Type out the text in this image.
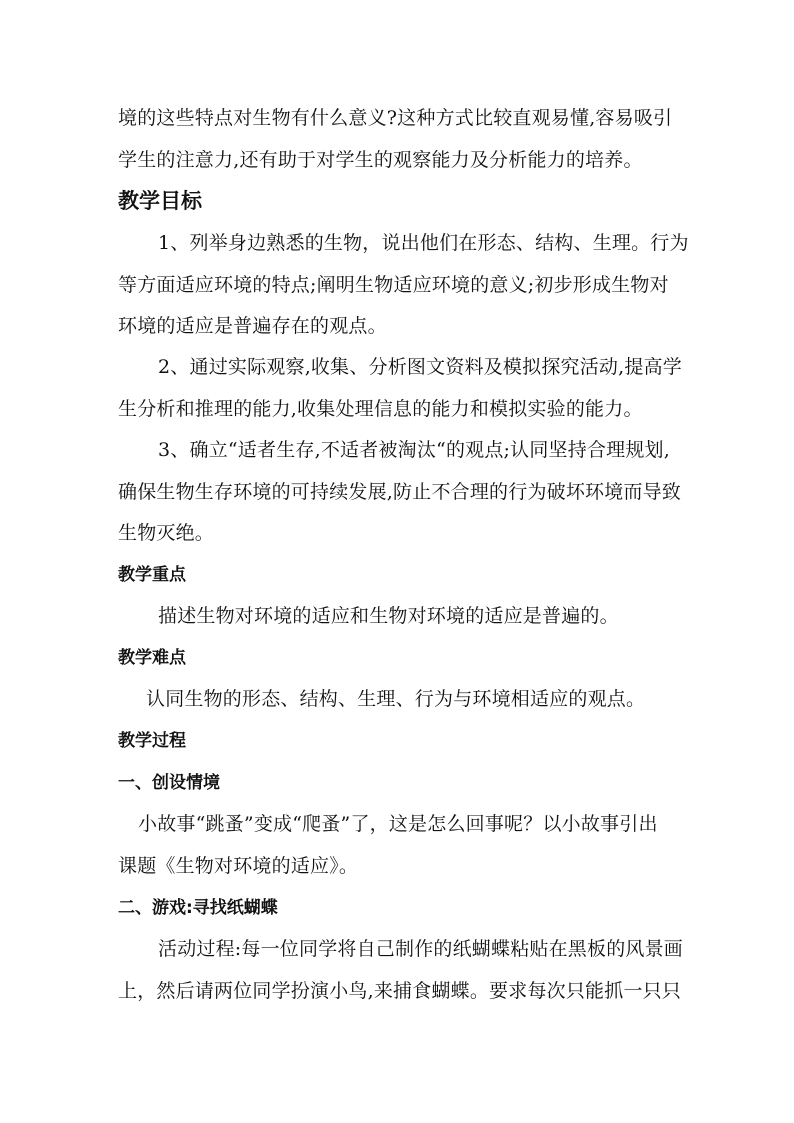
境的这些特点对生物有什么意义?这种方式比较直观易懂,容易吸引
学生的注意力,还有助于对学生的观察能力及分析能力的培养。
教学目标
1、列举身边熟悉的生物，说出他们在形态、结构、生理。行为
等方面适应环境的特点;阐明生物适应环境的意义;初步形成生物对
环境的适应是普遍存在的观点。
2、通过实际观察,收集、分析图文资料及模拟探究活动,提高学
生分析和推理的能力,收集处理信息的能力和模拟实验的能力。
3、确立“适者生存,不适者被淘汰“的观点;认同坚持合理规划,
确保生物生存环境的可持续发展,防止不合理的行为破坏环境而导致
生物灭绝。
教学重点
描述生物对环境的适应和生物对环境的适应是普遍的。
教学难点
认同生物的形态、结构、生理、行为与环境相适应的观点。
教学过程
一、创设情境
小故事“跳蚤”变成“爬蚤”了，这是怎么回事呢？以小故事引出
课题《生物对环境的适应》。
二、游戏:寻找纸蝴蝶
活动过程:每一位同学将自己制作的纸蝴蝶粘贴在黑板的风景画
上，然后请两位同学扮演小鸟,来捕食蝴蝶。要求每次只能抓一只只
